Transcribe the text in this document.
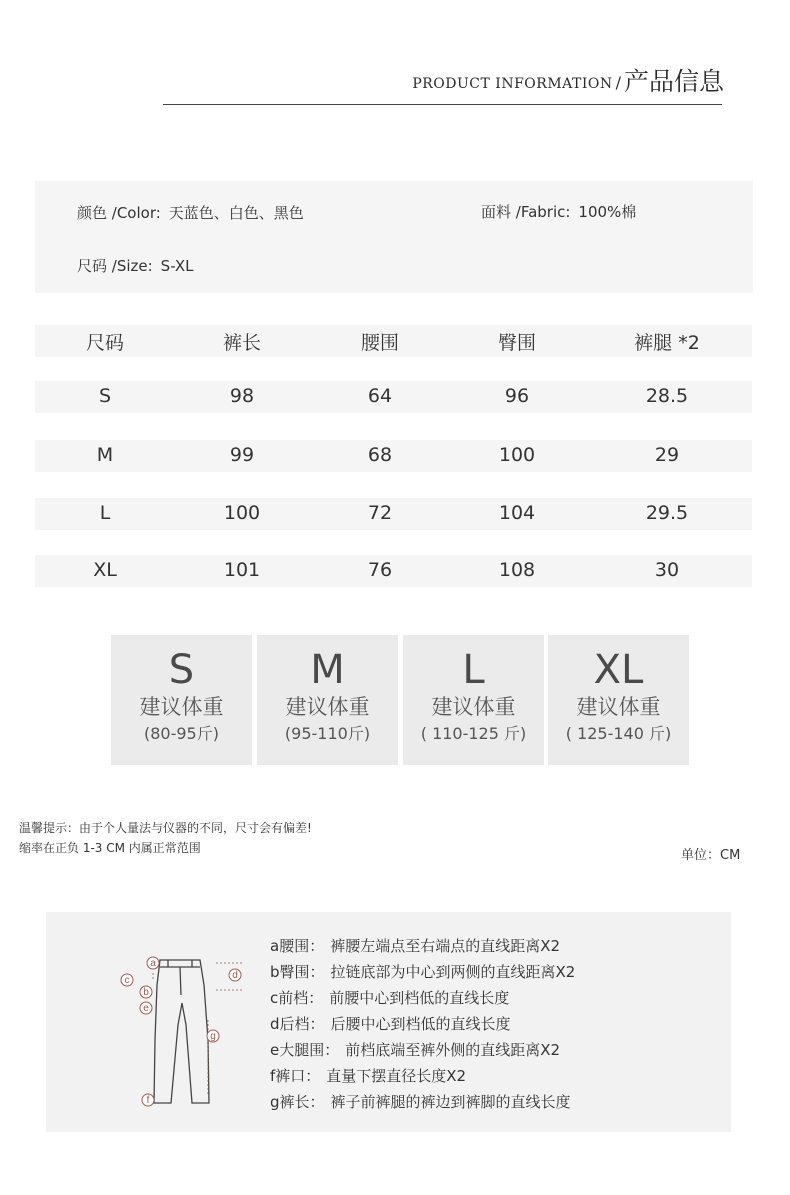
PRODUCT INFORMATION / 产品信息
颜色 /Color: 天蓝色、白色、黑色	面料 /Fabric: 100%棉
尺码 /Size: S-XL
尺码	裤长	腰围	臀围	裤腿 *2
S	98	64	96	28.5
M	99	68	100	29
L	100	72	104	29.5
XL	101	76	108	30
S
建议体重
(80-95斤)
M
建议体重
(95-110斤)
L
建议体重
( 110-125 斤)
XL
建议体重
( 125-140 斤)
温馨提示：由于个人量法与仪器的不同，尺寸会有偏差!
缩率在正负 1-3 CM 内属正常范围	单位：CM
a
b
c	d
e
f
g
a腰围： 裤腰左端点至右端点的直线距离X2
b臀围： 拉链底部为中心到两侧的直线距离X2
c前档： 前腰中心到档低的直线长度
d后档： 后腰中心到档低的直线长度
e大腿围： 前档底端至裤外侧的直线距离X2
f裤口： 直量下摆直径长度X2
g裤长： 裤子前裤腿的裤边到裤脚的直线长度
